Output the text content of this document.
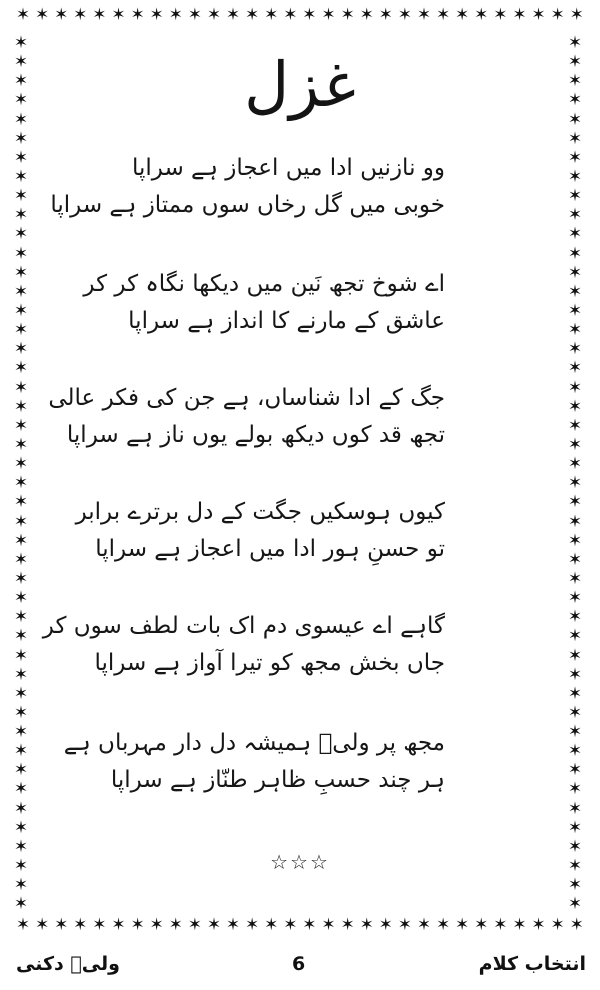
✶ ✶ ✶ ✶ ✶ ✶ ✶ ✶ ✶ ✶ ✶ ✶ ✶ ✶ ✶ ✶ ✶ ✶ ✶ ✶ ✶ ✶ ✶ ✶ ✶ ✶ ✶ ✶ ✶ ✶
✶ ✶ ✶ ✶ ✶ ✶ ✶ ✶ ✶ ✶ ✶ ✶ ✶ ✶ ✶ ✶ ✶ ✶ ✶ ✶ ✶ ✶ ✶ ✶ ✶ ✶ ✶ ✶ ✶ ✶
✶
✶
✶
✶
✶
✶
✶
✶
✶
✶
✶
✶
✶
✶
✶
✶
✶
✶
✶
✶
✶
✶
✶
✶
✶
✶
✶
✶
✶
✶
✶
✶
✶
✶
✶
✶
✶
✶
✶
✶
✶
✶
✶
✶
✶
✶
✶
✶
✶
✶
✶
✶
✶
✶
✶
✶
✶
✶
✶
✶
✶
✶
✶
✶
✶
✶
✶
✶
✶
✶
✶
✶
✶
✶
✶
✶
✶
✶
✶
✶
✶
✶
✶
✶
✶
✶
✶
✶
✶
✶
✶
✶
غزل
وو نازنیں ادا میں اعجاز ہے سراپا
خوبی میں گل رخاں سوں ممتاز ہے سراپا
اے شوخ تجھ نَین میں دیکھا نگاہ کر کر
عاشق کے مارنے کا انداز ہے سراپا
جگ کے ادا شناساں، ہے جن کی فکر عالی
تجھ قد کوں دیکھ بولے یوں ناز ہے سراپا
کیوں ہوسکیں جگت کے دل برترے برابر
تو حسنِ ہور ادا میں اعجاز ہے سراپا
گاہے اے عیسوی دم اک بات لطف سوں کر
جاں بخش مجھ کو تیرا آواز ہے سراپا
مجھ پر ولیؔ ہمیشہ دل دار مہرباں ہے
ہر چند حسبِ ظاہر طنّاز ہے سراپا
☆☆☆
ولیؔ دکنی	6	انتخاب کلام
